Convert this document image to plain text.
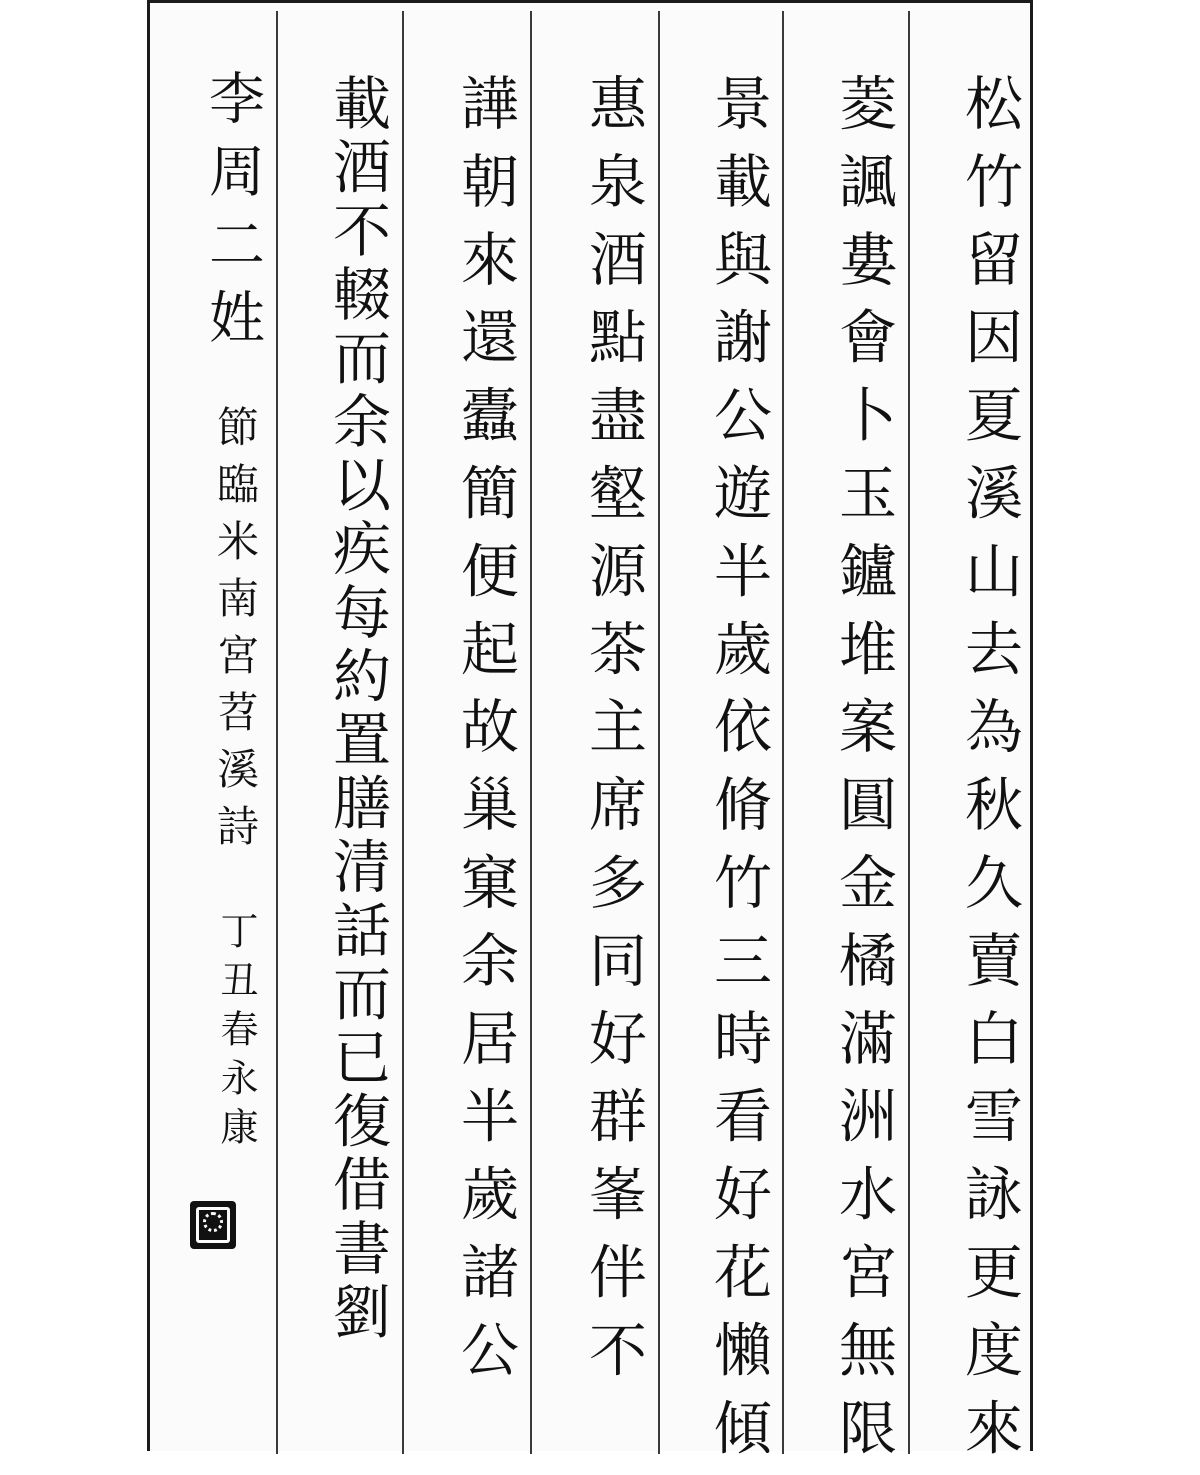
松竹留因夏溪山去為秋久賣白雪詠更度來
菱諷婁會卜玉鑪堆案圓金橘滿洲水宮無限
景載與謝公遊半歲依脩竹三時看好花懶傾
惠泉酒點盡壑源茶主席多同好群峯伴不
譁朝來還蠹簡便起故巢窠余居半歲諸公
載酒不輟而余以疾每約置膳清話而已復借書劉
李周二姓
節臨米南宮苕溪詩
丁丑春永康
